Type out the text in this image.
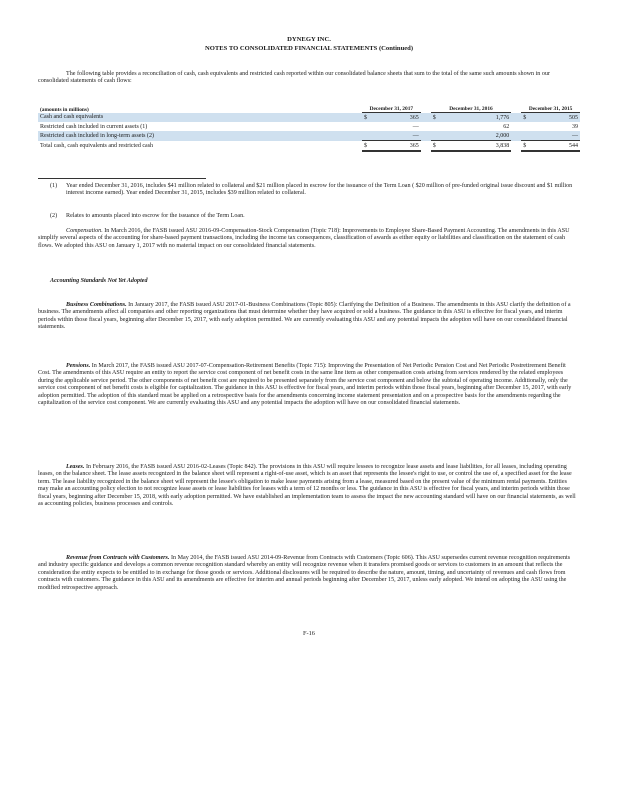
DYNEGY INC.
NOTES TO CONSOLIDATED FINANCIAL STATEMENTS (Continued)
The following table provides a reconciliation of cash, cash equivalents and restricted cash reported within our consolidated balance sheets that sum to the total of the same such amounts shown in our consolidated statements of cash flows:
(amounts in millions)	December 31, 2017			December 31, 2016			December 31, 2015	
Cash and cash equivalents	$	365		$	1,776		$	505
Restricted cash included in current assets (1)		—			62			39
Restricted cash included in long-term assets (2)		—			2,000			—
Total cash, cash equivalents and restricted cash	$	365		$	3,838		$	544
(1) Year ended December 31, 2016, includes $41 million related to collateral and $21 million placed in escrow for the issuance of the Term Loan ( $20 million of pre-funded original issue discount and $1 million interest income earned). Year ended December 31, 2015, includes $39 million related to collateral.
(2) Relates to amounts placed into escrow for the issuance of the Term Loan.
Compensation. In March 2016, the FASB issued ASU 2016-09-Compensation-Stock Compensation (Topic 718): Improvements to Employee Share-Based Payment Accounting. The amendments in this ASU simplify several aspects of the accounting for share-based payment transactions, including the income tax consequences, classification of awards as either equity or liabilities and classification on the statement of cash flows. We adopted this ASU on January 1, 2017 with no material impact on our consolidated financial statements.
Accounting Standards Not Yet Adopted
Business Combinations. In January 2017, the FASB issued ASU 2017-01-Business Combinations (Topic 805): Clarifying the Definition of a Business. The amendments in this ASU clarify the definition of a business. The amendments affect all companies and other reporting organizations that must determine whether they have acquired or sold a business. The guidance in this ASU is effective for fiscal years, and interim periods within those fiscal years, beginning after December 15, 2017, with early adoption permitted. We are currently evaluating this ASU and any potential impacts the adoption will have on our consolidated financial statements.
Pensions. In March 2017, the FASB issued ASU 2017-07-Compensation-Retirement Benefits (Topic 715): Improving the Presentation of Net Periodic Pension Cost and Net Periodic Postretirement Benefit Cost. The amendments of this ASU require an entity to report the service cost component of net benefit costs in the same line item as other compensation costs arising from services rendered by the related employees during the applicable service period. The other components of net benefit cost are required to be presented separately from the service cost component and below the subtotal of operating income. Additionally, only the service cost component of net benefit costs is eligible for capitalization. The guidance in this ASU is effective for fiscal years, and interim periods within those fiscal years, beginning after December 15, 2017, with early adoption permitted. The adoption of this standard must be applied on a retrospective basis for the amendments concerning income statement presentation and on a prospective basis for the amendments regarding the capitalization of the service cost component. We are currently evaluating this ASU and any potential impacts the adoption will have on our consolidated financial statements.
Leases. In February 2016, the FASB issued ASU 2016-02-Leases (Topic 842). The provisions in this ASU will require lessees to recognize lease assets and lease liabilities, for all leases, including operating leases, on the balance sheet. The lease assets recognized in the balance sheet will represent a right-of-use asset, which is an asset that represents the lessee's right to use, or control the use of, a specified asset for the lease term. The lease liability recognized in the balance sheet will represent the lessee's obligation to make lease payments arising from a lease, measured based on the present value of the minimum rental payments. Entities may make an accounting policy election to not recognize lease assets or lease liabilities for leases with a term of 12 months or less. The guidance in this ASU is effective for fiscal years, and interim periods within those fiscal years, beginning after December 15, 2018, with early adoption permitted. We have established an implementation team to assess the impact the new accounting standard will have on our financial statements, as well as accounting policies, business processes and controls.
Revenue from Contracts with Customers. In May 2014, the FASB issued ASU 2014-09-Revenue from Contracts with Customers (Topic 606). This ASU supersedes current revenue recognition requirements and industry specific guidance and develops a common revenue recognition standard whereby an entity will recognize revenue when it transfers promised goods or services to customers in an amount that reflects the consideration the entity expects to be entitled to in exchange for those goods or services. Additional disclosures will be required to describe the nature, amount, timing, and uncertainty of revenues and cash flows from contracts with customers. The guidance in this ASU and its amendments are effective for interim and annual periods beginning after December 15, 2017, unless early adopted. We intend on adopting the ASU using the modified retrospective approach.
F-16
